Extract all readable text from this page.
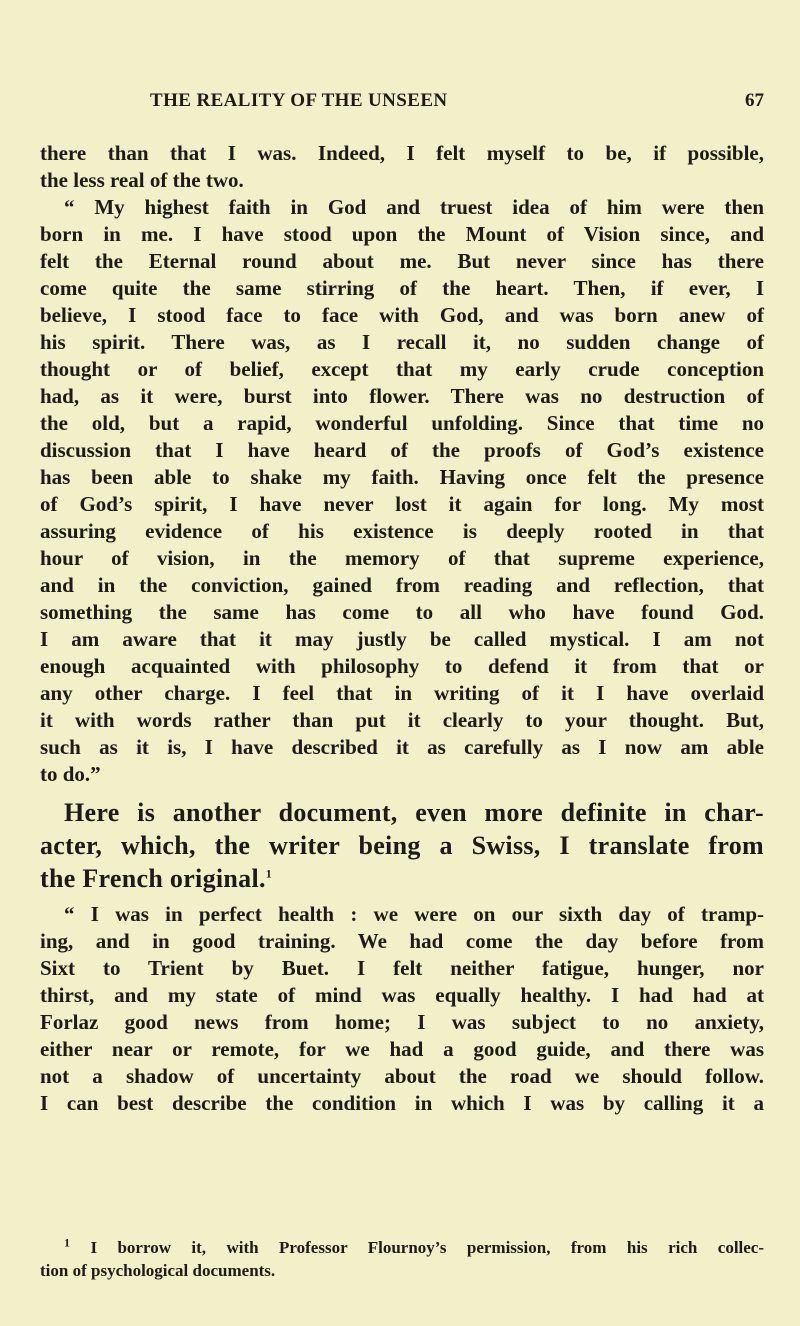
THE REALITY OF THE UNSEEN	67
there than that I was. Indeed, I felt myself to be, if possible,
the less real of the two.
“ My highest faith in God and truest idea of him were then
born in me. I have stood upon the Mount of Vision since, and
felt the Eternal round about me. But never since has there
come quite the same stirring of the heart. Then, if ever, I
believe, I stood face to face with God, and was born anew of
his spirit. There was, as I recall it, no sudden change of
thought or of belief, except that my early crude conception
had, as it were, burst into flower. There was no destruction of
the old, but a rapid, wonderful unfolding. Since that time no
discussion that I have heard of the proofs of God’s existence
has been able to shake my faith. Having once felt the presence
of God’s spirit, I have never lost it again for long. My most
assuring evidence of his existence is deeply rooted in that
hour of vision, in the memory of that supreme experience,
and in the conviction, gained from reading and reflection, that
something the same has come to all who have found God.
I am aware that it may justly be called mystical. I am not
enough acquainted with philosophy to defend it from that or
any other charge. I feel that in writing of it I have overlaid
it with words rather than put it clearly to your thought. But,
such as it is, I have described it as carefully as I now am able
to do.”
Here is another document, even more definite in char-
acter, which, the writer being a Swiss, I translate from
the French original.$^1$
“ I was in perfect health : we were on our sixth day of tramp-
ing, and in good training. We had come the day before from
Sixt to Trient by Buet. I felt neither fatigue, hunger, nor
thirst, and my state of mind was equally healthy. I had had at
Forlaz good news from home; I was subject to no anxiety,
either near or remote, for we had a good guide, and there was
not a shadow of uncertainty about the road we should follow.
I can best describe the condition in which I was by calling it a
$^1$ I borrow it, with Professor Flournoy’s permission, from his rich collec-
tion of psychological documents.
